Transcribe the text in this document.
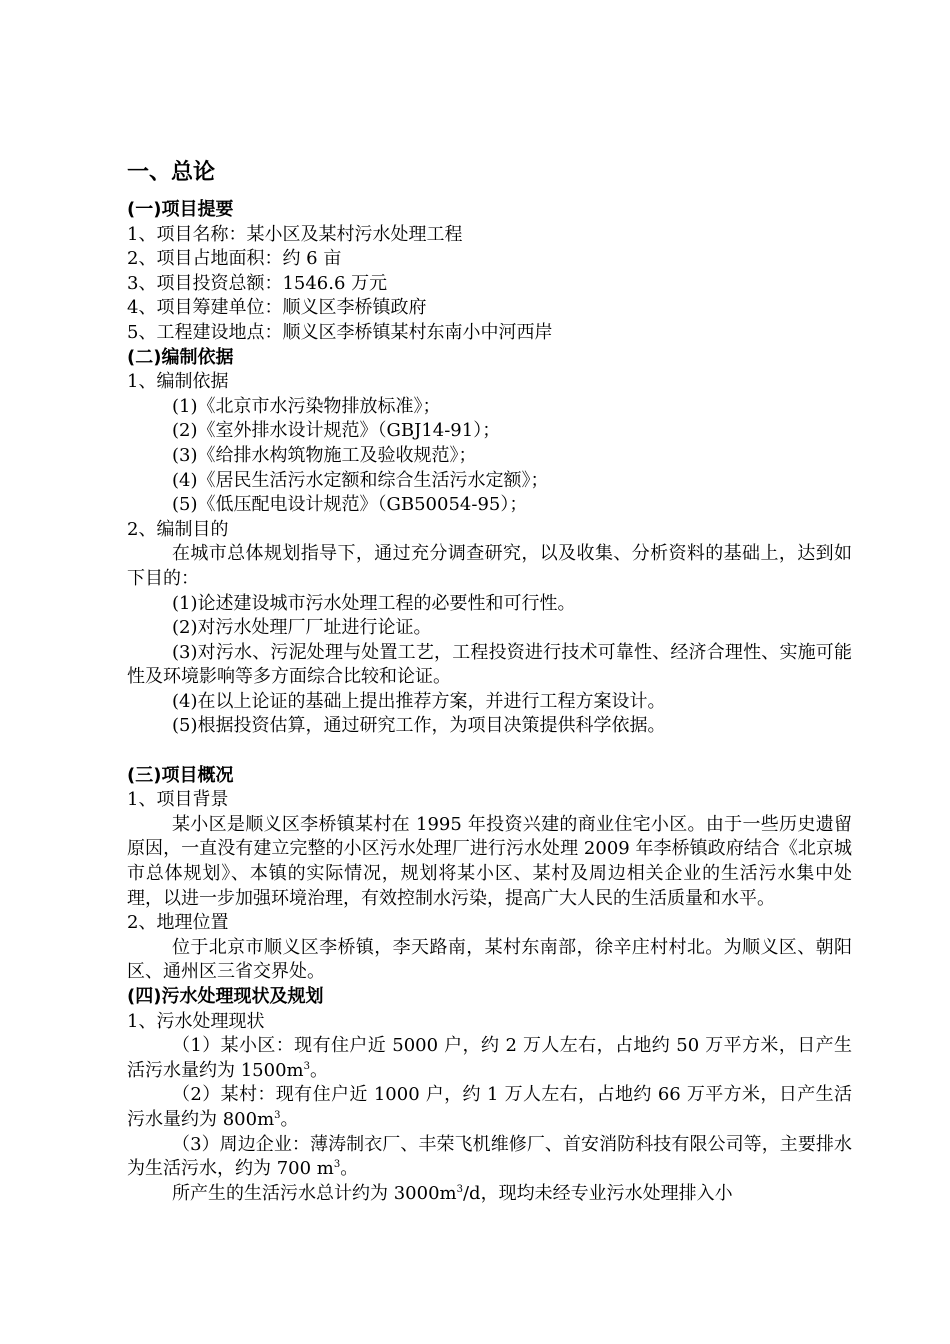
一、总论
(一)项目提要
1、项目名称：某小区及某村污水处理工程
2、项目占地面积：约 6 亩
3、项目投资总额：1546.6 万元
4、项目筹建单位：顺义区李桥镇政府
5、工程建设地点：顺义区李桥镇某村东南小中河西岸
(二)编制依据
1、编制依据
(1)《北京市水污染物排放标准》；
(2)《室外排水设计规范》（GBJ14-91）；
(3)《给排水构筑物施工及验收规范》；
(4)《居民生活污水定额和综合生活污水定额》；
(5)《低压配电设计规范》（GB50054-95）；
2、编制目的

在城市总体规划指导下，通过充分调查研究，以及收集、分析资料的基础上，达到如下目的：

(1)论述建设城市污水处理工程的必要性和可行性。

(2)对污水处理厂厂址进行论证。

(3)对污水、污泥处理与处置工艺，工程投资进行技术可靠性、经济合理性、实施可能性及环境影响等多方面综合比较和论证。

(4)在以上论证的基础上提出推荐方案，并进行工程方案设计。

(5)根据投资估算，通过研究工作，为项目决策提供科学依据。

(三)项目概况
1、项目背景

某小区是顺义区李桥镇某村在 1995 年投资兴建的商业住宅小区。由于一些历史遗留原因，一直没有建立完整的小区污水处理厂进行污水处理 2009 年李桥镇政府结合《北京城市总体规划》、本镇的实际情况，规划将某小区、某村及周边相关企业的生活污水集中处理，以进一步加强环境治理，有效控制水污染，提高广大人民的生活质量和水平。

2、地理位置

位于北京市顺义区李桥镇，李天路南，某村东南部，徐辛庄村村北。为顺义区、朝阳区、通州区三省交界处。

(四)污水处理现状及规划
1、污水处理现状

（1）某小区：现有住户近 5000 户，约 2 万人左右，占地约 50 万平方米，日产生活污水量约为 $1500m^3$。

（2）某村：现有住户近 1000 户，约 1 万人左右，占地约 66 万平方米，日产生活污水量约为 $800m^3$。

（3）周边企业：薄涛制衣厂、丰荣飞机维修厂、首安消防科技有限公司等，主要排水为生活污水，约为 700 $m^3$。

所产生的生活污水总计约为 $3000m^3/d$，现均未经专业污水处理排入小
